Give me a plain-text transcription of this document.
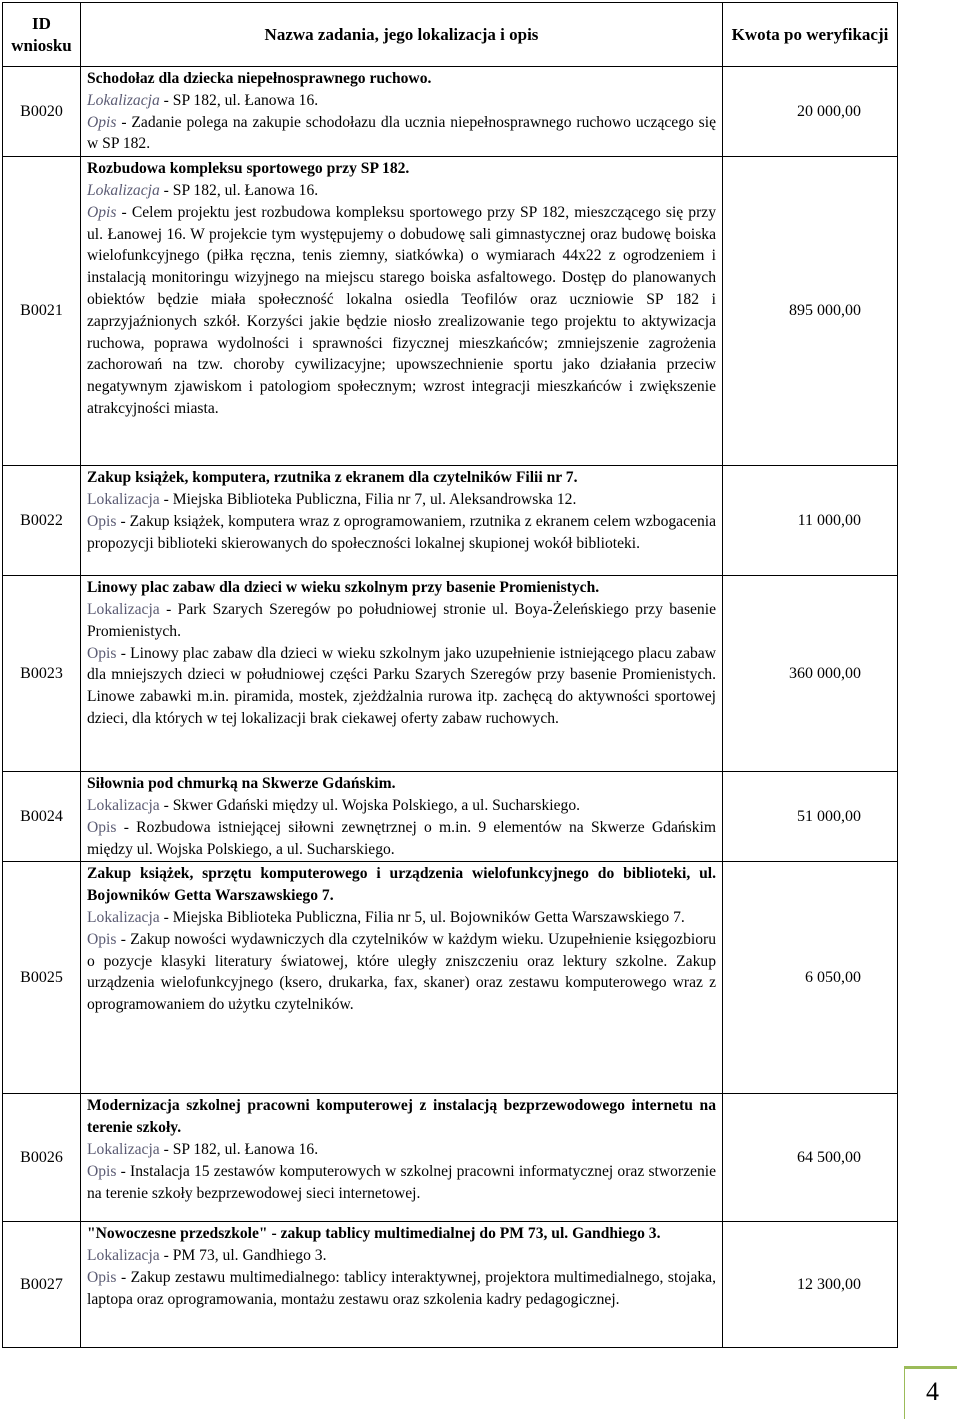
ID wniosku	Nazwa zadania, jego lokalizacja i opis	Kwota po weryfikacji
B0020	Schodołaz dla dziecka niepełnosprawnego ruchowo.
Lokalizacja - SP 182, ul. Łanowa 16.
Opis - Zadanie polega na zakupie schodołazu dla ucznia niepełnosprawnego ruchowo uczącego się w SP 182.	20 000,00
B0021	Rozbudowa kompleksu sportowego przy SP 182.
Lokalizacja - SP 182, ul. Łanowa 16.
Opis - Celem projektu jest rozbudowa kompleksu sportowego przy SP 182, mieszczącego się przy ul. Łanowej 16. W projekcie tym występujemy o dobudowę sali gimnastycznej oraz budowę boiska wielofunkcyjnego (piłka ręczna, tenis ziemny, siatkówka) o wymiarach 44x22 z ogrodzeniem i instalacją monitoringu wizyjnego na miejscu starego boiska asfaltowego. Dostęp do planowanych obiektów będzie miała społeczność lokalna osiedla Teofilów oraz uczniowie SP 182 i zaprzyjaźnionych szkół. Korzyści jakie będzie niosło zrealizowanie tego projektu to aktywizacja ruchowa, poprawa wydolności i sprawności fizycznej mieszkańców; zmniejszenie zagrożenia zachorowań na tzw. choroby cywilizacyjne; upowszechnienie sportu jako działania przeciw negatywnym zjawiskom i patologiom społecznym; wzrost integracji mieszkańców i zwiększenie atrakcyjności miasta.	895 000,00
B0022	Zakup książek, komputera, rzutnika z ekranem dla czytelników Filii nr 7.
Lokalizacja - Miejska Biblioteka Publiczna, Filia nr 7, ul. Aleksandrowska 12.
Opis - Zakup książek, komputera wraz z oprogramowaniem, rzutnika z ekranem celem wzbogacenia propozycji biblioteki skierowanych do społeczności lokalnej skupionej wokół biblioteki.	11 000,00
B0023	Linowy plac zabaw dla dzieci w wieku szkolnym przy basenie Promienistych.
Lokalizacja - Park Szarych Szeregów po południowej stronie ul. Boya-Żeleńskiego przy basenie Promienistych.
Opis - Linowy plac zabaw dla dzieci w wieku szkolnym jako uzupełnienie istniejącego placu zabaw dla mniejszych dzieci w południowej części Parku Szarych Szeregów przy basenie Promienistych. Linowe zabawki m.in. piramida, mostek, zjeżdżalnia rurowa itp. zachęcą do aktywności sportowej dzieci, dla których w tej lokalizacji brak ciekawej oferty zabaw ruchowych.	360 000,00
B0024	Siłownia pod chmurką na Skwerze Gdańskim.
Lokalizacja - Skwer Gdański między ul. Wojska Polskiego, a ul. Sucharskiego.
Opis - Rozbudowa istniejącej siłowni zewnętrznej o m.in. 9 elementów na Skwerze Gdańskim między ul. Wojska Polskiego, a ul. Sucharskiego.	51 000,00
B0025	Zakup książek, sprzętu komputerowego i urządzenia wielofunkcyjnego do biblioteki, ul. Bojowników Getta Warszawskiego 7.
Lokalizacja - Miejska Biblioteka Publiczna, Filia nr 5, ul. Bojowników Getta Warszawskiego 7.
Opis - Zakup nowości wydawniczych dla czytelników w każdym wieku. Uzupełnienie księgozbioru o pozycje klasyki literatury światowej, które uległy zniszczeniu oraz lektury szkolne. Zakup urządzenia wielofunkcyjnego (ksero, drukarka, fax, skaner) oraz zestawu komputerowego wraz z oprogramowaniem do użytku czytelników.	6 050,00
B0026	Modernizacja szkolnej pracowni komputerowej z instalacją bezprzewodowego internetu na terenie szkoły.
Lokalizacja - SP 182, ul. Łanowa 16.
Opis - Instalacja 15 zestawów komputerowych w szkolnej pracowni informatycznej oraz stworzenie na terenie szkoły bezprzewodowej sieci internetowej.	64 500,00
B0027	"Nowoczesne przedszkole" - zakup tablicy multimedialnej do PM 73, ul. Gandhiego 3.
Lokalizacja - PM 73, ul. Gandhiego 3.
Opis - Zakup zestawu multimedialnego: tablicy interaktywnej, projektora multimedialnego, stojaka, laptopa oraz oprogramowania, montażu zestawu oraz szkolenia kadry pedagogicznej.	12 300,00
4
